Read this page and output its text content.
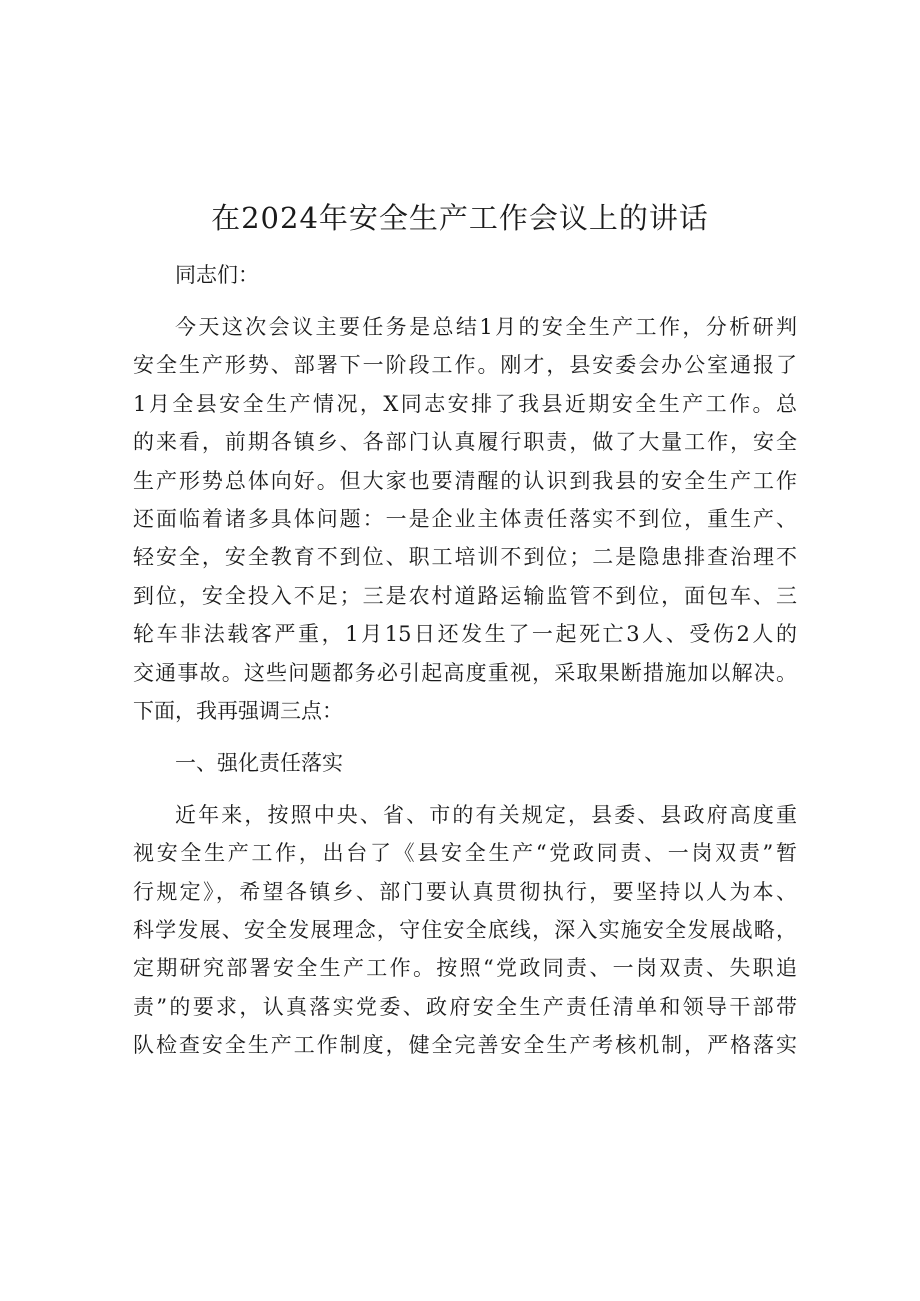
在2024年安全生产工作会议上的讲话
同志们：
今天这次会议主要任务是总结1月的安全生产工作，分析研判
安全生产形势、部署下一阶段工作。刚才，县安委会办公室通报了
1月全县安全生产情况，X同志安排了我县近期安全生产工作。总
的来看，前期各镇乡、各部门认真履行职责，做了大量工作，安全
生产形势总体向好。但大家也要清醒的认识到我县的安全生产工作
还面临着诸多具体问题：一是企业主体责任落实不到位，重生产、
轻安全，安全教育不到位、职工培训不到位；二是隐患排查治理不
到位，安全投入不足；三是农村道路运输监管不到位，面包车、三
轮车非法载客严重，1月15日还发生了一起死亡3人、受伤2人的
交通事故。这些问题都务必引起高度重视，采取果断措施加以解决。
下面，我再强调三点：
一、强化责任落实
近年来，按照中央、省、市的有关规定，县委、县政府高度重
视安全生产工作，出台了《县安全生产“党政同责、一岗双责”暂
行规定》，希望各镇乡、部门要认真贯彻执行，要坚持以人为本、
科学发展、安全发展理念，守住安全底线，深入实施安全发展战略，
定期研究部署安全生产工作。按照“党政同责、一岗双责、失职追
责”的要求，认真落实党委、政府安全生产责任清单和领导干部带
队检查安全生产工作制度，健全完善安全生产考核机制，严格落实
